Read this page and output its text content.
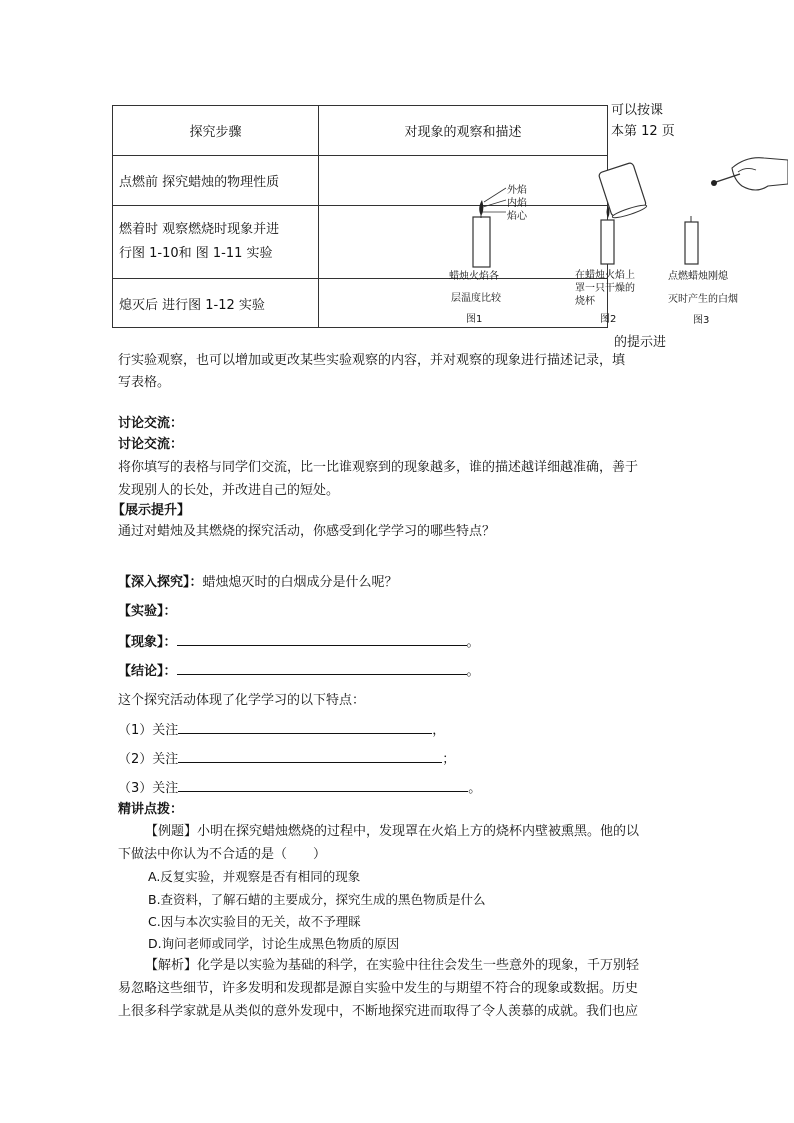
可以按课
本第 12 页
探究步骤	对现象的观察和描述
点燃前 探究蜡烛的物理性质	

燃着时 观察燃烧时现象并进
行图 1-10和 图 1-11 实验	

熄灭后 进行图 1-12 实验	
外焰
内焰
焰心
蜡烛火焰各
层温度比较
图1
在蜡烛火焰上
罩一只干燥的
烧杯
图2
点燃蜡烛刚熄
灭时产生的白烟
图3
的提示进
行实验观察，也可以增加或更改某些实验观察的内容，并对观察的现象进行描述记录，填
写表格。
讨论交流：
讨论交流：
将你填写的表格与同学们交流，比一比谁观察到的现象越多，谁的描述越详细越准确，善于
发现别人的长处，并改进自己的短处。
【展示提升】
通过对蜡烛及其燃烧的探究活动，你感受到化学学习的哪些特点？
【深入探究】：蜡烛熄灭时的白烟成分是什么呢？
【实验】：
【现象】：	。
【结论】：	。
这个探究活动体现了化学学习的以下特点：
（1）关注	，
（2）关注	；
（3）关注	。
精讲点拨：
【例题】小明在探究蜡烛燃烧的过程中，发现罩在火焰上方的烧杯内壁被熏黑。他的以
下做法中你认为不合适的是（　　）
A.反复实验，并观察是否有相同的现象
B.查资料，了解石蜡的主要成分，探究生成的黑色物质是什么
C.因与本次实验目的无关，故不予理睬
D.询问老师或同学，讨论生成黑色物质的原因
【解析】化学是以实验为基础的科学，在实验中往往会发生一些意外的现象，千万别轻
易忽略这些细节，许多发明和发现都是源自实验中发生的与期望不符合的现象或数据。历史
上很多科学家就是从类似的意外发现中，不断地探究进而取得了令人羡慕的成就。我们也应
